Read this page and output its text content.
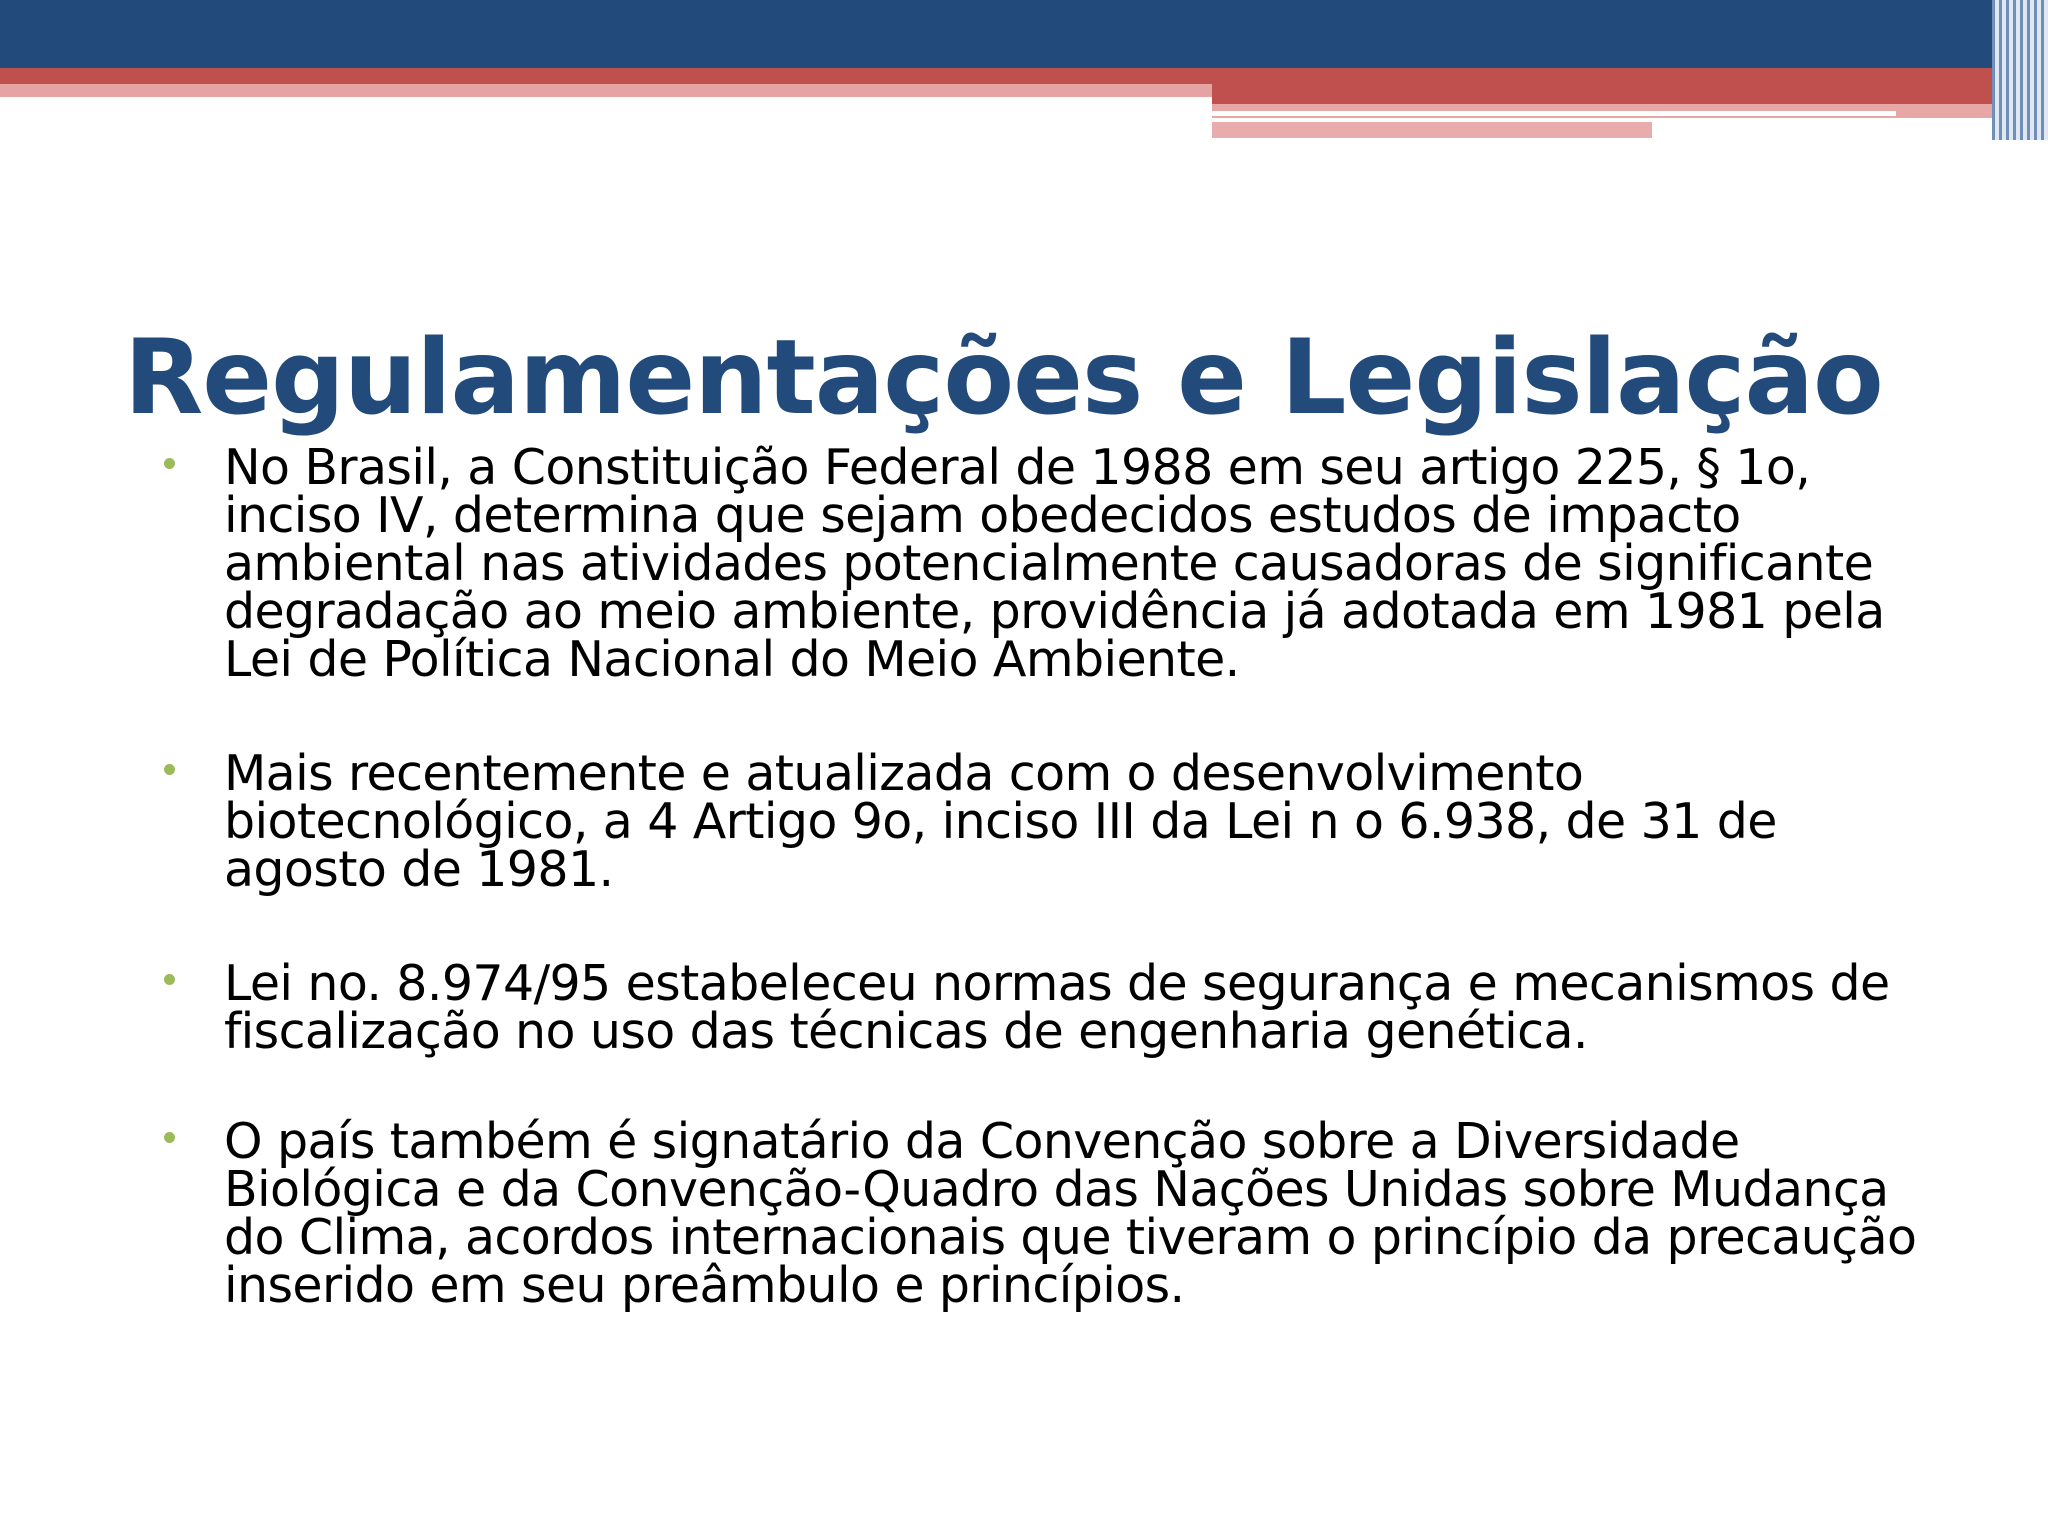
Regulamentações e Legislação
No Brasil, a Constituição Federal de 1988 em seu artigo 225, § 1o, inciso IV, determina que sejam obedecidos estudos de impacto ambiental nas atividades potencialmente causadoras de significante degradação ao meio ambiente, providência já adotada em 1981 pela Lei de Política Nacional do Meio Ambiente.
Mais recentemente e atualizada com o desenvolvimento biotecnológico, a 4 Artigo 9o, inciso III da Lei n o 6.938, de 31 de agosto de 1981.
Lei no. 8.974/95 estabeleceu normas de segurança e mecanismos de fiscalização no uso das técnicas de engenharia genética.
O país também é signatário da Convenção sobre a Diversidade Biológica e da Convenção-Quadro das Nações Unidas sobre Mudança do Clima, acordos internacionais que tiveram o princípio da precaução inserido em seu preâmbulo e princípios.
